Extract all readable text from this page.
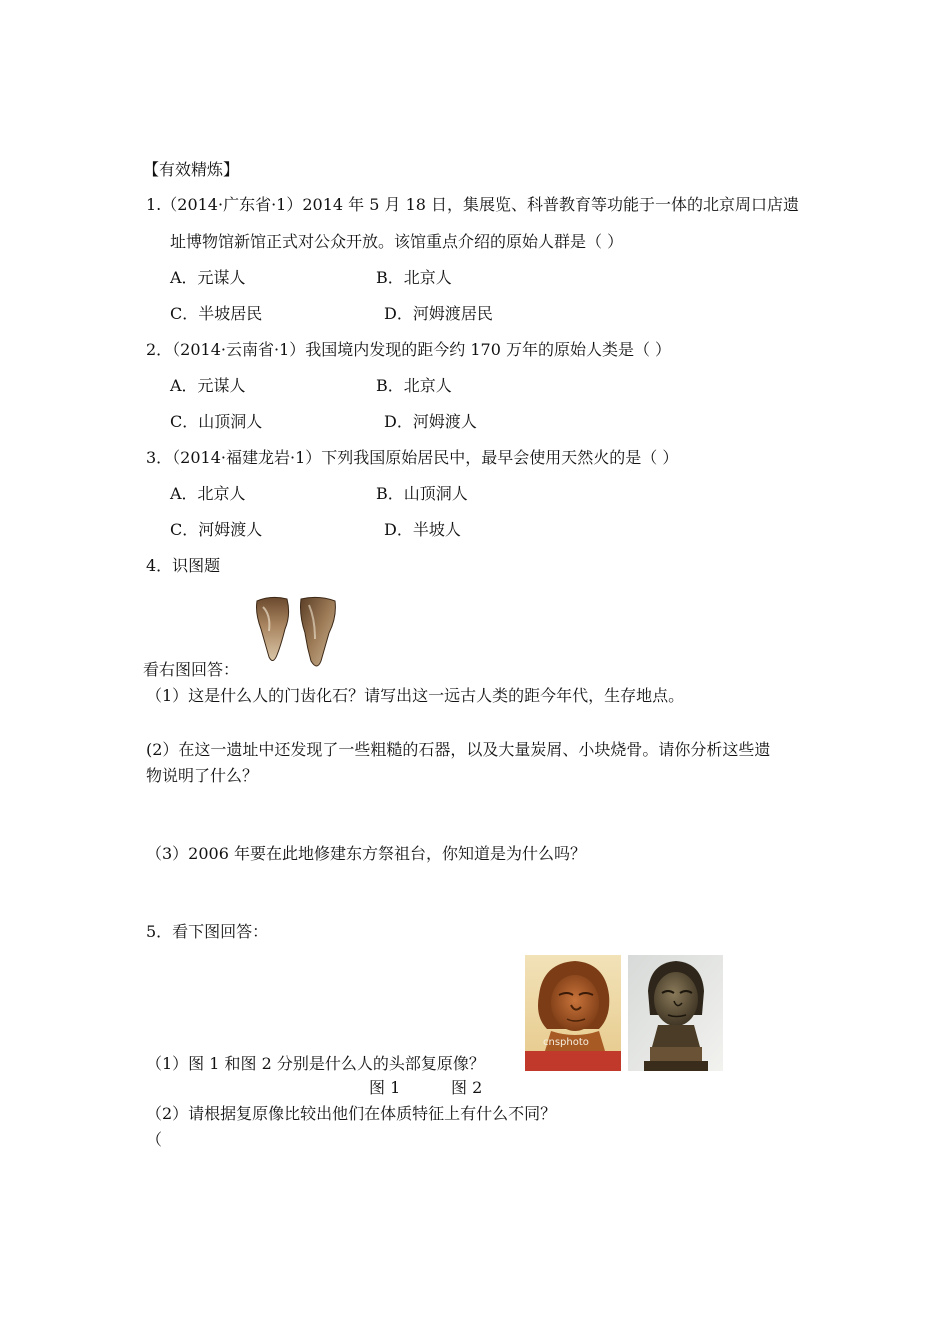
【有效精炼】
1.（2014·广东省·1）2014 年 5 月 18 日，集展览、科普教育等功能于一体的北京周口店遗
址博物馆新馆正式对公众开放。该馆重点介绍的原始人群是（ ）
A．元谋人	B．北京人
C．半坡居民	D．河姆渡居民
2．（2014·云南省·1）我国境内发现的距今约 170 万年的原始人类是（ ）
A．元谋人	B．北京人
C．山顶洞人	D．河姆渡人
3．（2014·福建龙岩·1）下列我国原始居民中，最早会使用天然火的是（ ）
A．北京人	B．山顶洞人
C．河姆渡人	D．半坡人
4．识图题
看右图回答：
（1）这是什么人的门齿化石？请写出这一远古人类的距今年代，生存地点。
(2）在这一遗址中还发现了一些粗糙的石器，以及大量炭屑、小块烧骨。请你分析这些遗
物说明了什么？
（3）2006 年要在此地修建东方祭祖台，你知道是为什么吗？
5．看下图回答：
cnsphoto
（1）图 1 和图 2 分别是什么人的头部复原像？
图 1	图 2
（2）请根据复原像比较出他们在体质特征上有什么不同？
（
